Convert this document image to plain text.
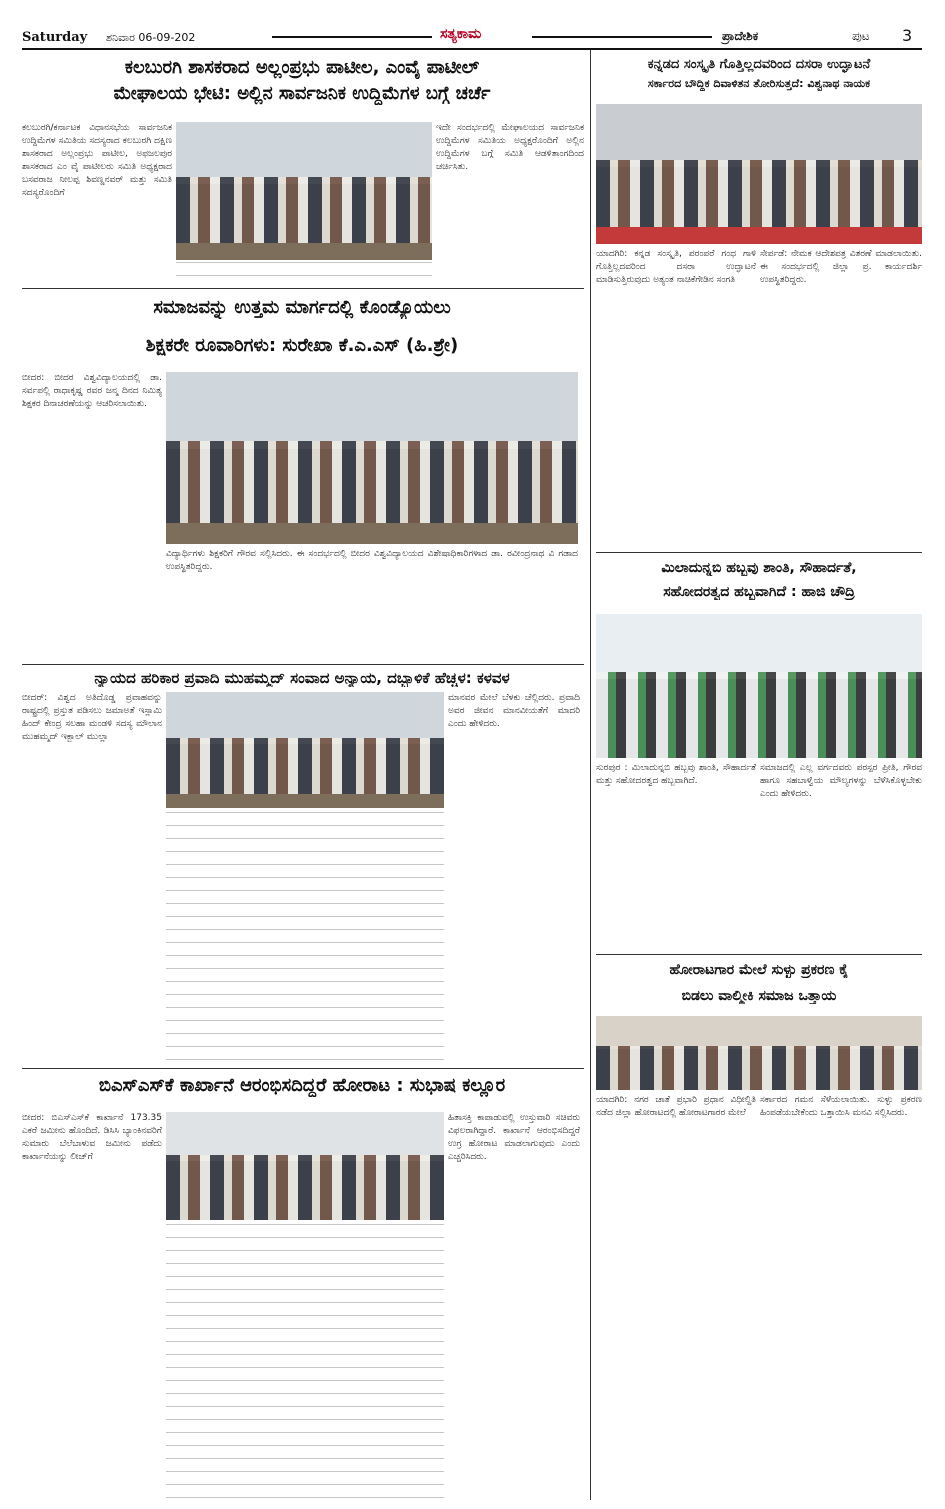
Saturday ಶನಿವಾರ 06-09-202	ಸತ್ಯಕಾಮ	ಪ್ರಾದೇಶಿಕ	ಪುಟ 3
ಕಲಬುರಗಿ ಶಾಸಕರಾದ ಅಲ್ಲಂಪ್ರಭು ಪಾಟೀಲ, ಎಂವೈ ಪಾಟೀಲ್
ಮೇಘಾಲಯ ಭೇಟಿ: ಅಲ್ಲಿನ ಸಾರ್ವಜನಿಕ ಉದ್ದಿಮೆಗಳ ಬಗ್ಗೆ ಚರ್ಚೆ
ಕಲಬುರಗಿ/ಕರ್ನಾಟಕ ವಿಧಾನಸಭೆಯ ಸಾರ್ವಜನಿಕ ಉದ್ದಿಮೆಗಳ ಸಮಿತಿಯ ಸದಸ್ಯರಾದ ಕಲಬುರಗಿ ದಕ್ಷಿಣ ಶಾಸಕರಾದ ಅಲ್ಲಂಪ್ರಭು ಪಾಟೀಲ, ಅಫಜಲಪುರ ಶಾಸಕರಾದ ಎಂ ವೈ ಪಾಟೀಲರು ಸಮಿತಿ ಅಧ್ಯಕ್ಷರಾದ ಬಸವರಾಜ ನೀಲಪ್ಪ ಶಿವಣ್ಣನವರ್ ಮತ್ತು ಸಮಿತಿ ಸದಸ್ಯರೊಂದಿಗೆ
ಇದೇ ಸಂದರ್ಭದಲ್ಲಿ ಮೇಘಾಲಯದ ಸಾರ್ವಜನಿಕ ಉದ್ದಿಮೆಗಳ ಸಮಿತಿಯ ಅಧ್ಯಕ್ಷರೊಂದಿಗೆ ಅಲ್ಲಿನ ಉದ್ದಿಮೆಗಳ ಬಗ್ಗೆ ಸಮಿತಿ ಆಡಳಿತಾಂಗದಿಂದ ಚರ್ಚಿಸಿತು.
ಸಮಾಜವನ್ನು ಉತ್ತಮ ಮಾರ್ಗದಲ್ಲಿ ಕೊಂಡ್ಯೊಯಲು
ಶಿಕ್ಷಕರೇ ರೂವಾರಿಗಳು: ಸುರೇಖಾ ಕೆ.ಎ.ಎಸ್ (ಹಿ.ಶ್ರೇ)
ಬೀದರ: ಬೀದರ ವಿಶ್ವವಿದ್ಯಾಲಯದಲ್ಲಿ ಡಾ. ಸರ್ವಪಲ್ಲಿ ರಾಧಾಕೃಷ್ಣ ರವರ ಜನ್ಮ ದಿನದ ನಿಮಿತ್ಯ ಶಿಕ್ಷಕರ ದಿನಾಚರಣೆಯನ್ನು ಆಚರಿಸಲಾಯಿತು.
ವಿದ್ಯಾರ್ಥಿಗಳು ಶಿಕ್ಷಕರಿಗೆ ಗೌರವ ಸಲ್ಲಿಸಿದರು. ಈ ಸಂದರ್ಭದಲ್ಲಿ ಬೀದರ ವಿಶ್ವವಿದ್ಯಾಲಯದ ವಿಶೇಷಾಧಿಕಾರಿಗಳಾದ ಡಾ. ರವೀಂದ್ರನಾಥ ವಿ ಗಡಾದ ಉಪಸ್ಥಿತರಿದ್ದರು.
ನ್ಯಾಯದ ಹರಿಕಾರ ಪ್ರವಾದಿ ಮುಹಮ್ಮದ್ ಸಂವಾದ ಅನ್ಯಾಯ, ದಬ್ಬಾಳಿಕೆ ಹೆಚ್ಚಳ: ಕಳವಳ
ಬೀದರ್: ವಿಶ್ವದ ಅತಿದೊಡ್ಡ ಪ್ರವಾಹವನ್ನು ರಾಷ್ಟ್ರದಲ್ಲಿ ಪ್ರಸ್ತುತ ಪಡಿಸಲು ಜಮಾಅತೆ ಇಸ್ಲಾಮಿ ಹಿಂದ್ ಕೇಂದ್ರ ಸಲಹಾ ಮಂಡಳಿ ಸದಸ್ಯ ಮೌಲಾನ ಮುಹಮ್ಮದ್ ಇಕ್ಬಾಲ್ ಮುಲ್ಲಾ
ಮಾನವರ ಮೇಲೆ ಬೆಳಕು ಚೆಲ್ಲಿದರು. ಪ್ರವಾದಿ ಅವರ ಜೀವನ ಮಾನವೀಯತೆಗೆ ಮಾದರಿ ಎಂದು ಹೇಳಿದರು.
ಬಿಎಸ್ಎಸ್‌ಕೆ ಕಾರ್ಖಾನೆ ಆರಂಭಿಸದಿದ್ದರೆ ಹೋರಾಟ : ಸುಭಾಷ ಕಲ್ಲೂರ
ಬೀದರ: ಬಿಎಸ್ಎಸ್‌ಕೆ ಕಾರ್ಖಾನೆ 173.35 ಎಕರೆ ಜಮೀನು ಹೊಂದಿದೆ. ಡಿಸಿಸಿ ಬ್ಯಾಂಕಿನವರಿಗೆ ಸುಮಾರು ಬೆಲೆಬಾಳುವ ಜಮೀನು ಪಡೆದು ಕಾರ್ಖಾನೆಯನ್ನು ಲೀಜ್‌ಗೆ
ಹಿತಾಸಕ್ತಿ ಕಾಪಾಡುವಲ್ಲಿ ಉಸ್ತುವಾರಿ ಸಚಿವರು ವಿಫಲರಾಗಿದ್ದಾರೆ. ಕಾರ್ಖಾನೆ ಆರಂಭಿಸದಿದ್ದರೆ ಉಗ್ರ ಹೋರಾಟ ಮಾಡಲಾಗುವುದು ಎಂದು ಎಚ್ಚರಿಸಿದರು.
ಕನ್ನಡದ ಸಂಸ್ಕೃತಿ ಗೊತ್ತಿಲ್ಲದವರಿಂದ ದಸರಾ ಉದ್ಘಾಟನೆ
ಸರ್ಕಾರದ ಬೌದ್ಧಿಕ ದಿವಾಳಿತನ ತೋರಿಸುತ್ತದೆ: ವಿಶ್ವನಾಥ ನಾಯಕ
ಯಾದಗಿರಿ: ಕನ್ನಡ ಸಂಸ್ಕೃತಿ, ಪರಂಪರೆ ಗಂಧ ಗಾಳಿ ಗೊತ್ತಿಲ್ಲದವರಿಂದ ದಸರಾ ಉದ್ಘಾಟನೆ ಮಾಡಿಸುತ್ತಿರುವುದು ಅತ್ಯಂತ ನಾಚಿಕೆಗೇಡಿನ ಸಂಗತಿ
ಸೇರ್ಪಡೆ: ನೇಮಕ ಆದೇಶಪತ್ರ ವಿತರಣೆ ಮಾಡಲಾಯಿತು. ಈ ಸಂದರ್ಭದಲ್ಲಿ ಜಿಲ್ಲಾ ಪ್ರ. ಕಾರ್ಯದರ್ಶಿ ಉಪಸ್ಥಿತರಿದ್ದರು.
ಮಿಲಾದುನ್ನಬಿ ಹಬ್ಬವು ಶಾಂತಿ, ಸೌಹಾರ್ದತೆ,
ಸಹೋದರತ್ವದ ಹಬ್ಬವಾಗಿದೆ : ಹಾಜಿ ಚೌದ್ರಿ
ಸುರಪುರ : ಮಿಲಾದುನ್ನಬಿ ಹಬ್ಬವು ಶಾಂತಿ, ಸೌಹಾರ್ದತೆ ಮತ್ತು ಸಹೋದರತ್ವದ ಹಬ್ಬವಾಗಿದೆ.
ಸಮಾಜದಲ್ಲಿ ಎಲ್ಲ ವರ್ಗದವರು ಪರಸ್ಪರ ಪ್ರೀತಿ, ಗೌರವ ಹಾಗೂ ಸಹಬಾಳ್ವೆಯ ಮೌಲ್ಯಗಳನ್ನು ಬೆಳೆಸಿಕೊಳ್ಳಬೇಕು ಎಂದು ಹೇಳಿದರು.
ಹೋರಾಟಗಾರ ಮೇಲೆ ಸುಳ್ಳು ಪ್ರಕರಣ ಕೈ
ಬಿಡಲು ವಾಲ್ಮೀಕಿ ಸಮಾಜ ಒತ್ತಾಯ
ಯಾದಗಿರಿ: ನಗರ ಚಾತೆ ಪ್ರಭಾರಿ ಪ್ರಧಾನ ವಿಧೀಲ್ದಿತಿ ನಡೆದ ಜಿಲ್ಲಾ ಹೋರಾಟದಲ್ಲಿ ಹೋರಾಟಗಾರರ ಮೇಲೆ
ಸರ್ಕಾರದ ಗಮನ ಸೆಳೆಯಲಾಯಿತು. ಸುಳ್ಳು ಪ್ರಕರಣ ಹಿಂಪಡೆಯಬೇಕೆಂದು ಒತ್ತಾಯಿಸಿ ಮನವಿ ಸಲ್ಲಿಸಿದರು.
